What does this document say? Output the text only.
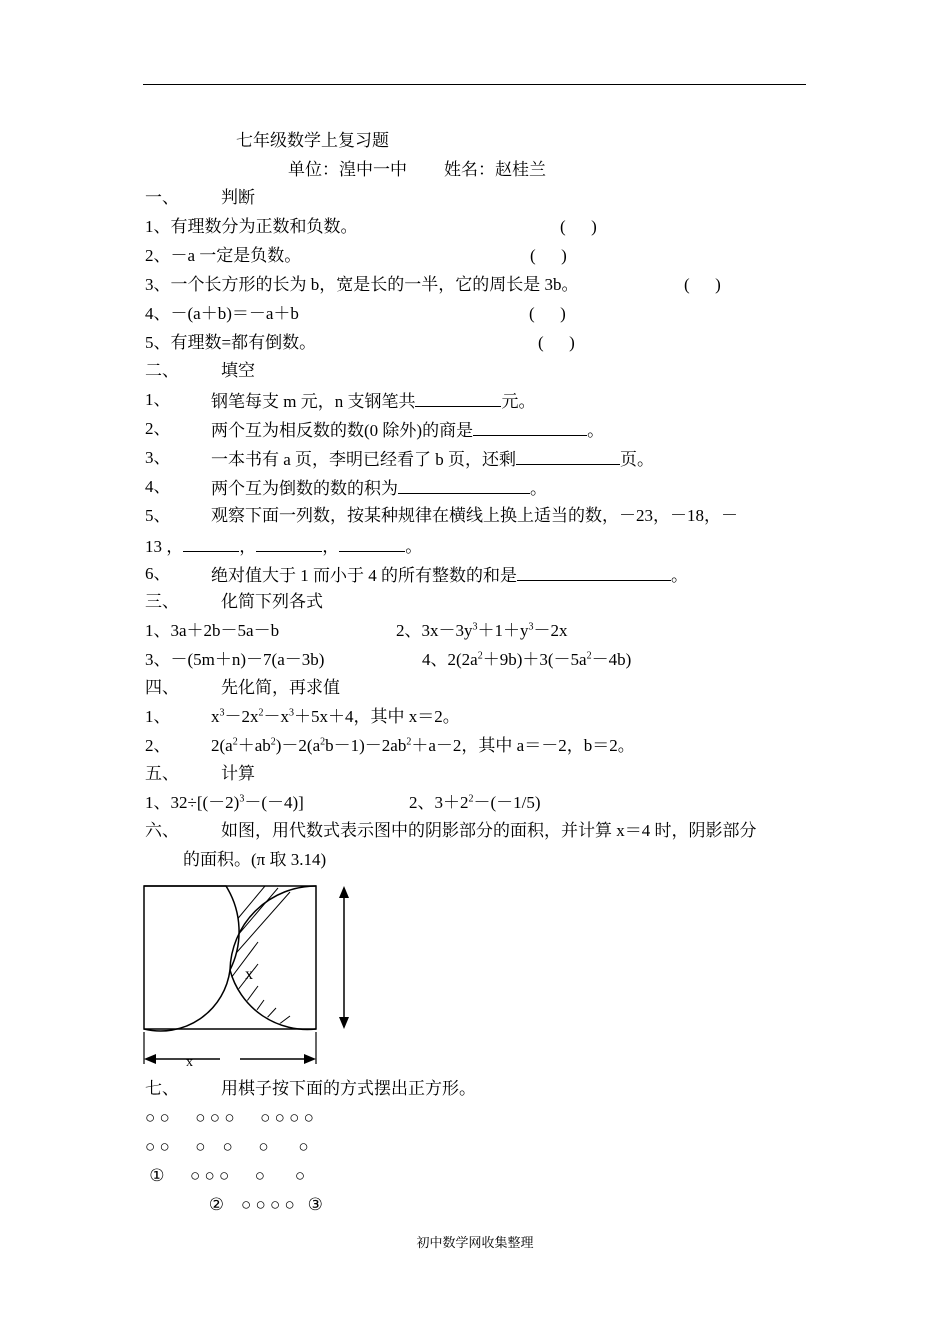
七年级数学上复习题
单位：湟中一中 姓名：赵桂兰
一、 判断
1、有理数分为正数和负数。	(      )
2、－a 一定是负数。	(      )
3、一个长方形的长为 b，宽是长的一半，它的周长是 3b。	(      )
4、－(a＋b)＝－a＋b	(      )
5、有理数=都有倒数。	(      )
二、 填空
1、 钢笔每支 m 元，n 支钢笔共	元。
2、 两个互为相反数的数(0 除外)的商是	。
3、 一本书有 a 页，李明已经看了 b 页，还剩	页。
4、 两个互为倒数的数的积为	。
5、 观察下面一列数，按某种规律在横线上换上适当的数，－23，－18，－
13 ，	，	，	。
6、 绝对值大于 1 而小于 4 的所有整数的和是	。
三、 化简下列各式
1、3a＋2b－5a－b	2、$3x-3y^3+1+y^3-2x$
3、－(5m＋n)－7(a－3b)	4、$2(2a^2+9b)+3(-5a^2-4b)$
四、 先化简，再求值
1、 $x^3-2x^2-x^3+5x+4$，其中 x＝2。
2、 $2(a^2+ab^2)-2(a^2b-1)-2ab^2+a-2$，其中 a＝－2，b＝2。
五、 计算
1、$32\div[(-2)^3-(-4)]$	2、$3+2^2-(-1/5)$
六、 如图，用代数式表示图中的阴影部分的面积，并计算 x＝4 时，阴影部分
的面积。(π 取 3.14)
x
x
七、 用棋子按下面的方式摆出正方形。
○ ○      ○ ○ ○      ○ ○ ○ ○
○ ○      ○    ○      ○       ○
①      ○ ○ ○      ○       ○
②    ○ ○ ○ ○   ③
初中数学网收集整理
